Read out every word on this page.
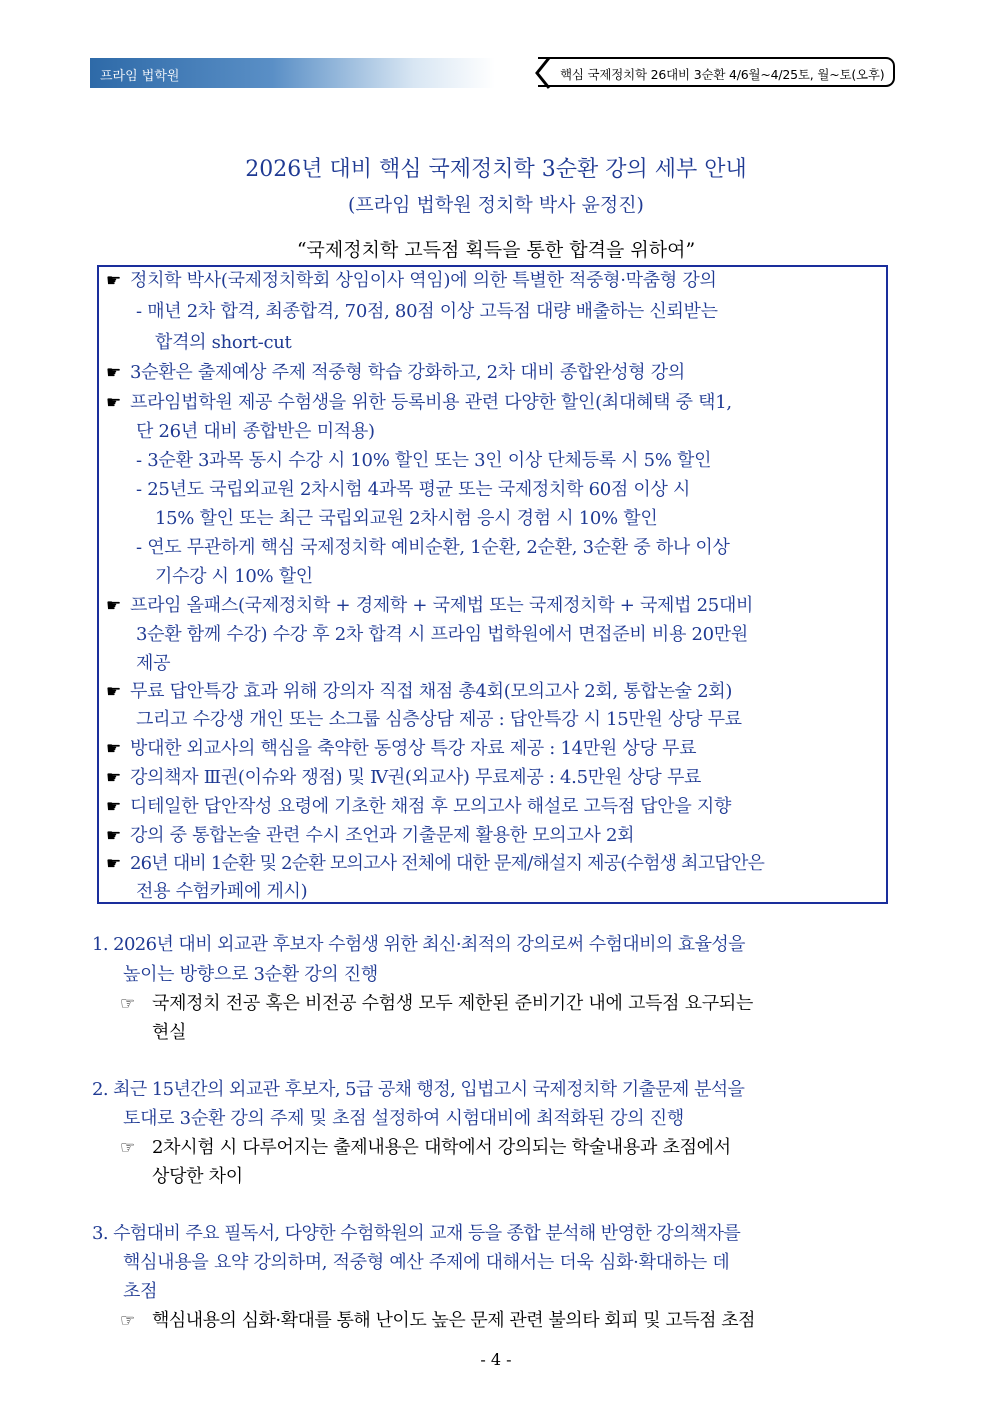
프라임 법학원	핵심 국제정치학 26대비 3순환 4/6월~4/25토, 월~토(오후)
2026년 대비 핵심 국제정치학 3순환 강의 세부 안내
(프라임 법학원 정치학 박사 윤정진)
“국제정치학 고득점 획득을 통한 합격을 위하여”
☛ 정치학 박사(국제정치학회 상임이사 역임)에 의한 특별한 적중형·막춤형 강의
- 매년 2차 합격, 최종합격, 70점, 80점 이상 고득점 대량 배출하는 신뢰받는
합격의 short-cut
☛ 3순환은 출제예상 주제 적중형 학습 강화하고, 2차 대비 종합완성형 강의
☛ 프라임법학원 제공 수험생을 위한 등록비용 관련 다양한 할인(최대혜택 중 택1,
단 26년 대비 종합반은 미적용)
- 3순환 3과목 동시 수강 시 10% 할인 또는 3인 이상 단체등록 시 5% 할인
- 25년도 국립외교원 2차시험 4과목 평균 또는 국제정치학 60점 이상 시
15% 할인 또는 최근 국립외교원 2차시험 응시 경험 시 10% 할인
- 연도 무관하게 핵심 국제정치학 예비순환, 1순환, 2순환, 3순환 중 하나 이상
기수강 시 10% 할인
☛ 프라임 올패스(국제정치학 + 경제학 + 국제법 또는 국제정치학 + 국제법 25대비
3순환 함께 수강) 수강 후 2차 합격 시 프라임 법학원에서 면접준비 비용 20만원
제공
☛ 무료 답안특강 효과 위해 강의자 직접 채점 총4회(모의고사 2회, 통합논술 2회)
그리고 수강생 개인 또는 소그룹 심층상담 제공 : 답안특강 시 15만원 상당 무료
☛ 방대한 외교사의 핵심을 축약한 동영상 특강 자료 제공 : 14만원 상당 무료
☛ 강의책자 Ⅲ권(이슈와 쟁점) 및 Ⅳ권(외교사) 무료제공 : 4.5만원 상당 무료
☛ 디테일한 답안작성 요령에 기초한 채점 후 모의고사 해설로 고득점 답안을 지향
☛ 강의 중 통합논술 관련 수시 조언과 기출문제 활용한 모의고사 2회
☛ 26년 대비 1순환 및 2순환 모의고사 전체에 대한 문제/해설지 제공(수험생 최고답안은
전용 수험카페에 게시)
1. 2026년 대비 외교관 후보자 수험생 위한 최신·최적의 강의로써 수험대비의 효율성을
높이는 방향으로 3순환 강의 진행
☞ 국제정치 전공 혹은 비전공 수험생 모두 제한된 준비기간 내에 고득점 요구되는
현실
2. 최근 15년간의 외교관 후보자, 5급 공채 행정, 입법고시 국제정치학 기출문제 분석을
토대로 3순환 강의 주제 및 초점 설정하여 시험대비에 최적화된 강의 진행
☞ 2차시험 시 다루어지는 출제내용은 대학에서 강의되는 학술내용과 초점에서
상당한 차이
3. 수험대비 주요 필독서, 다양한 수험학원의 교재 등을 종합 분석해 반영한 강의책자를
핵심내용을 요약 강의하며, 적중형 예산 주제에 대해서는 더욱 심화·확대하는 데
초점
☞ 핵심내용의 심화·확대를 통해 난이도 높은 문제 관련 불의타 회피 및 고득점 초점
- 4 -
